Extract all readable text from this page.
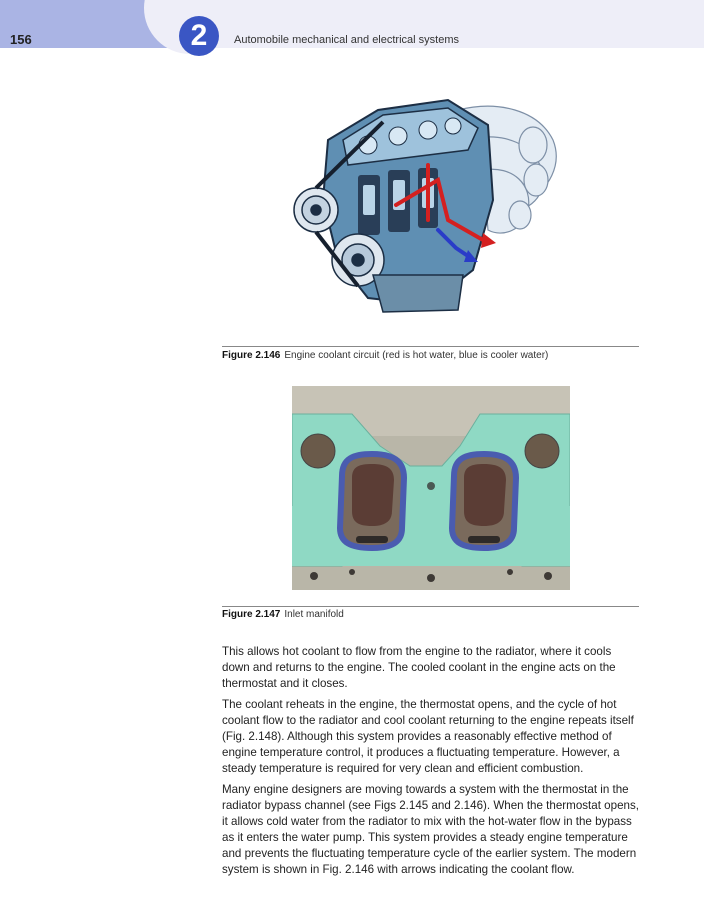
2
156	Automobile mechanical and electrical systems
Figure 2.146 Engine coolant circuit (red is hot water, blue is cooler water)
Figure 2.147 Inlet manifold

This allows hot coolant to flow from the engine to the radiator, where it cools down and returns to the engine. The cooled coolant in the engine acts on the thermostat and it closes.

The coolant reheats in the engine, the thermostat opens, and the cycle of hot coolant flow to the radiator and cool coolant returning to the engine repeats itself (Fig. 2.148). Although this system provides a reasonably effective method of engine temperature control, it produces a fluctuating temperature. However, a steady temperature is required for very clean and efficient combustion.

Many engine designers are moving towards a system with the thermostat in the radiator bypass channel (see Figs 2.145 and 2.146). When the thermostat opens, it allows cold water from the radiator to mix with the hot-water flow in the bypass as it enters the water pump. This system provides a steady engine temperature and prevents the fluctuating temperature cycle of the earlier system. The modern system is shown in Fig. 2.146 with arrows indicating the coolant flow.
